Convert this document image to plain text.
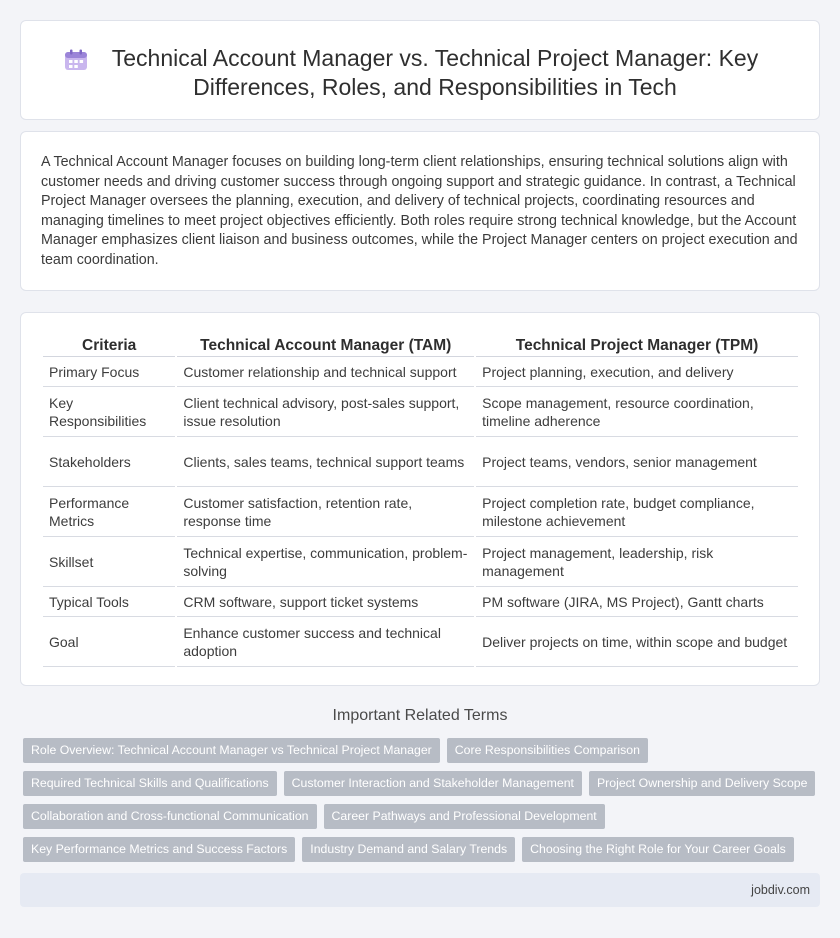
Technical Account Manager vs. Technical Project Manager: Key Differences, Roles, and Responsibilities in Tech

A Technical Account Manager focuses on building long-term client relationships, ensuring technical solutions align with customer needs and driving customer success through ongoing support and strategic guidance. In contrast, a Technical Project Manager oversees the planning, execution, and delivery of technical projects, coordinating resources and managing timelines to meet project objectives efficiently. Both roles require strong technical knowledge, but the Account Manager emphasizes client liaison and business outcomes, while the Project Manager centers on project execution and team coordination.

Criteria	Technical Account Manager (TAM)	Technical Project Manager (TPM)
Primary Focus	Customer relationship and technical support	Project planning, execution, and delivery
Key Responsibilities	Client technical advisory, post-sales support, issue resolution	Scope management, resource coordination, timeline adherence
Stakeholders	Clients, sales teams, technical support teams	Project teams, vendors, senior management
Performance Metrics	Customer satisfaction, retention rate, response time	Project completion rate, budget compliance, milestone achievement
Skillset	Technical expertise, communication, problem-solving	Project management, leadership, risk management
Typical Tools	CRM software, support ticket systems	PM software (JIRA, MS Project), Gantt charts
Goal	Enhance customer success and technical adoption	Deliver projects on time, within scope and budget
Important Related Terms
Role Overview: Technical Account Manager vs Technical Project Manager	Core Responsibilities Comparison
Required Technical Skills and Qualifications	Customer Interaction and Stakeholder Management	Project Ownership and Delivery Scope
Collaboration and Cross-functional Communication	Career Pathways and Professional Development
Key Performance Metrics and Success Factors	Industry Demand and Salary Trends	Choosing the Right Role for Your Career Goals
jobdiv.com
